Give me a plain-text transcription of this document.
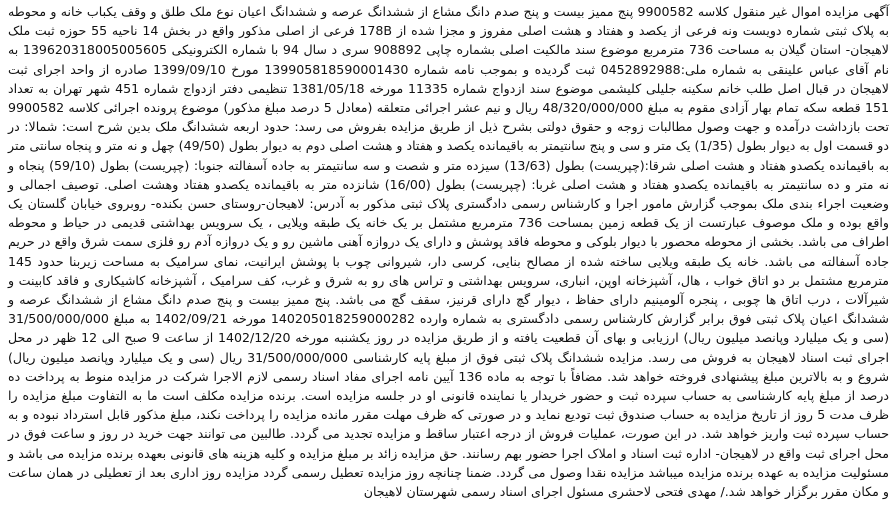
آگهی مزایده اموال غیر منقول کلاسه 9900582 پنج ممیز بیست و پنج صدم دانگ مشاع از ششدانگ عرصه و ششدانگ اعیان نوع ملک طلق و وقف یکباب خانه و محوطه به پلاک ثبتی شماره دویست ونه فرعی از یکصد و هفتاد و هشت اصلی مفروز و مجزا شده از 178B فرعی از اصلی مذکور واقع در بخش 14 ناحیه 55 حوزه ثبت ملک لاهیجان- استان گیلان به مساحت 736 مترمربع موضوع سند مالکیت اصلی بشماره چاپی 908892 سری د سال 94 با شماره الکترونیکی 139620318005005605 به نام آقای عباس علینقی به شماره ملی:0452892988 ثبت گردیده و بموجب نامه شماره 139905818590001430 مورخ 1399/09/10 صادره از واحد اجرای ثبت لاهیجان در قبال اصل طلب خانم سکینه جلیلی کلیشمی موضوع سند ازدواج شماره 11335 مورخه 1381/05/18 تنظیمی دفتر ازدواج شماره 451 شهر تهران به تعداد 151 قطعه سکه تمام بهار آزادی مقوم به مبلغ 48/320/000/000 ریال و نیم عشر اجرائی متعلقه (معادل 5 درصد مبلغ مذکور) موضوع پرونده اجرائی کلاسه 9900582 تحت بازداشت درآمده و جهت وصول مطالبات زوجه و حقوق دولتی بشرح ذیل از طریق مزایده بفروش می رسد: حدود اربعه ششدانگ ملک بدین شرح است: شمالا: در دو قسمت اول به دیوار بطول (1/35) یک متر و سی و پنج سانتیمتر به باقیمانده یکصد و هفتاد و هشت اصلی دوم به دیوار بطول (49/50) چهل و نه متر و پنجاه سانتی متر به باقیمانده یکصدو هفتاد و هشت اصلی شرقا:(چپریست) بطول (13/63) سیزده متر و شصت و سه سانتیمتر به جاده آسفالته جنوبا: (چپریست) بطول (59/10) پنجاه و نه متر و ده سانتیمتر به باقیمانده یکصدو هفتاد و هشت اصلی غربا: (چپریست) بطول (16/00) شانزده متر به باقیمانده یکصدو هفتاد وهشت اصلی. توصیف اجمالی و وضعیت اجراء بندی ملک بموجب گزارش مامور اجرا و کارشناس رسمی دادگستری پلاک ثبتی مذکور به آدرس: لاهیجان-روستای حسن بکنده- روبروی خیابان گلستان یک واقع بوده و ملک موصوف عبارتست از یک قطعه زمین بمساحت 736 مترمربع مشتمل بر یک خانه یک طبقه ویلایی ، یک سرویس بهداشتی قدیمی در حیاط و محوطه اطراف می باشد. بخشی از محوطه محصور با دیوار بلوکی و محوطه فاقد پوشش و دارای یک دروازه آهنی ماشین رو و یک دروازه آدم رو فلزی سمت شرق واقع در حریم جاده آسفالته می باشد. خانه یک طبقه ویلایی ساخته شده از مصالح بنایی، کرسی دار، شیروانی چوب با پوشش ایرانیت، نمای سرامیک به مساحت زیربنا حدود 145 مترمربع مشتمل بر دو اتاق خواب ، هال، آشپزخانه اوپن، انباری، سرویس بهداشتی و تراس های رو به شرق و غرب، کف سرامیک ، آشپزخانه کاشیکاری و فاقد کابینت و شیرآلات ، درب اتاق ها چوبی ، پنجره آلومینیم دارای حفاظ ، دیوار گچ دارای قرنیز، سقف گچ می باشد. پنج ممیز بیست و پنج صدم دانگ مشاع از ششدانگ عرصه و ششدانگ اعیان پلاک ثبتی فوق برابر گزارش کارشناس رسمی دادگستری به شماره وارده 140205018259000282 مورخه 1402/09/21 به مبلغ 31/500/000/000 (سی و یک میلیارد وپانصد میلیون ریال) ارزیابی و بهای آن قطعیت یافته و از طریق مزایده در روز یکشنبه مورخه 1402/12/20 از ساعت 9 صبح الی 12 ظهر در محل اجرای ثبت اسناد لاهیجان به فروش می رسد. مزایده ششدانگ پلاک ثبتی فوق از مبلغ پایه کارشناسی 31/500/000/000 ریال (سی و یک میلیارد وپانصد میلیون ریال) شروع و به بالاترین مبلغ پیشنهادی فروخته خواهد شد. مضافاً با توجه به ماده 136 آیین نامه اجرای مفاد اسناد رسمی لازم الاجرا شرکت در مزایده منوط به پرداخت ده درصد از مبلغ پایه کارشناسی به حساب سپرده ثبت و حضور خریدار یا نماینده قانونی او در جلسه مزایده است. برنده مزایده مکلف است ما به التفاوت مبلغ مزایده را ظرف مدت 5 روز از تاریخ مزایده به حساب صندوق ثبت تودیع نماید و در صورتی که ظرف مهلت مقرر مانده مزایده را پرداخت نکند، مبلغ مذکور قابل استرداد نبوده و به حساب سپرده ثبت واریز خواهد شد. در این صورت، عملیات فروش از درجه اعتبار ساقط و مزایده تجدید می گردد. طالبین می توانند جهت خرید در روز و ساعت فوق در محل اجرای ثبت واقع در لاهیجان- اداره ثبت اسناد و املاک اجرا حضور بهم رسانند. حق مزایده زائد بر مبلغ مزایده و کلیه هزینه های قانونی بعهده برنده مزایده می باشد و مسئولیت مزایده به عهده برنده مزایده میباشد مزایده نقدا وصول می گردد. ضمنا چنانچه روز مزایده تعطیل رسمی گردد مزایده روز اداری بعد از تعطیلی در همان ساعت و مکان مقرر برگزار خواهد شد./ مهدی فتحی لاحشری مسئول اجرای اسناد رسمی شهرستان لاهیجان
